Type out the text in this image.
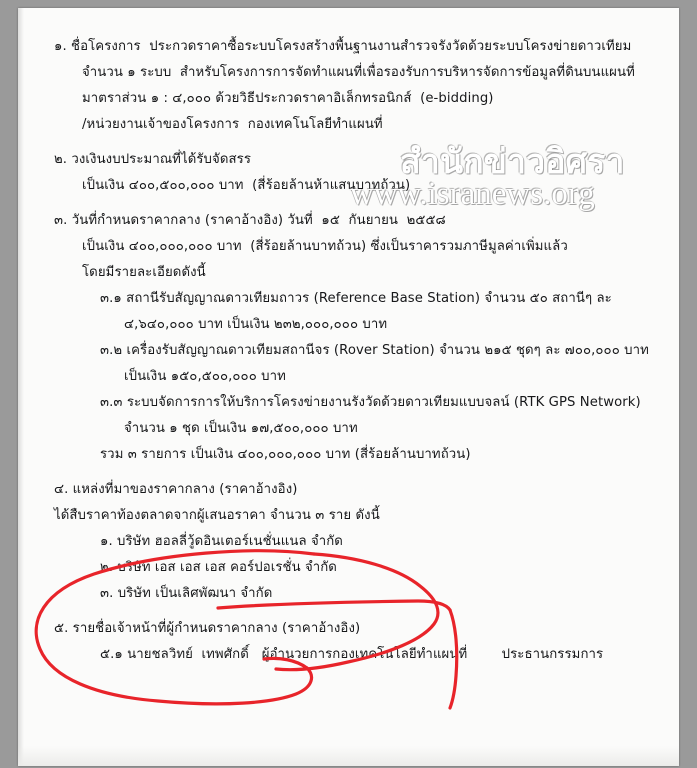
๑. ชื่อโครงการ  ประกวดราคาซื้อระบบโครงสร้างพื้นฐานงานสำรวจรังวัดด้วยระบบโครงข่ายดาวเทียม
จำนวน ๑ ระบบ  สำหรับโครงการการจัดทำแผนที่เพื่อรองรับการบริหารจัดการข้อมูลที่ดินบนแผนที่
มาตราส่วน ๑ : ๔,๐๐๐ ด้วยวิธีประกวดราคาอิเล็กทรอนิกส์  (e-bidding)
/หน่วยงานเจ้าของโครงการ  กองเทคโนโลยีทำแผนที่
๒. วงเงินงบประมาณที่ได้รับจัดสรร
เป็นเงิน ๔๐๐,๕๐๐,๐๐๐ บาท  (สี่ร้อยล้านห้าแสนบาทถ้วน)
๓. วันที่กำหนดราคากลาง (ราคาอ้างอิง) วันที่  ๑๕  กันยายน  ๒๕๕๘
เป็นเงิน ๔๐๐,๐๐๐,๐๐๐ บาท  (สี่ร้อยล้านบาทถ้วน) ซึ่งเป็นราคารวมภาษีมูลค่าเพิ่มแล้ว
โดยมีรายละเอียดดังนี้
๓.๑ สถานีรับสัญญาณดาวเทียมถาวร (Reference Base Station) จำนวน ๕๐ สถานีๆ ละ
๔,๖๔๐,๐๐๐ บาท เป็นเงิน ๒๓๒,๐๐๐,๐๐๐ บาท
๓.๒ เครื่องรับสัญญาณดาวเทียมสถานีจร (Rover Station) จำนวน ๒๑๕ ชุดๆ ละ ๗๐๐,๐๐๐ บาท
เป็นเงิน ๑๕๐,๕๐๐,๐๐๐ บาท
๓.๓ ระบบจัดการการให้บริการโครงข่ายงานรังวัดด้วยดาวเทียมแบบจลน์ (RTK GPS Network)
จำนวน ๑ ชุด เป็นเงิน ๑๗,๕๐๐,๐๐๐ บาท
รวม ๓ รายการ เป็นเงิน ๔๐๐,๐๐๐,๐๐๐ บาท (สี่ร้อยล้านบาทถ้วน)
๔. แหล่งที่มาของราคากลาง (ราคาอ้างอิง)
ได้สืบราคาท้องตลาดจากผู้เสนอราคา จำนวน ๓ ราย ดังนี้
๑. บริษัท ฮอลลี่วู้ดอินเตอร์เนชั่นแนล จำกัด
๒. บริษัท เอส เอส เอส คอร์ปอเรชั่น จำกัด
๓. บริษัท เป็นเลิศพัฒนา จำกัด
๕. รายชื่อเจ้าหน้าที่ผู้กำหนดราคากลาง (ราคาอ้างอิง)
๕.๑ นายชลวิทย์  เทพศักดิ์   ผู้อำนวยการกองเทคโนโลยีทำแผนที่        ประธานกรรมการ
สำนักข่าวอิศรา
www.isranews.org
